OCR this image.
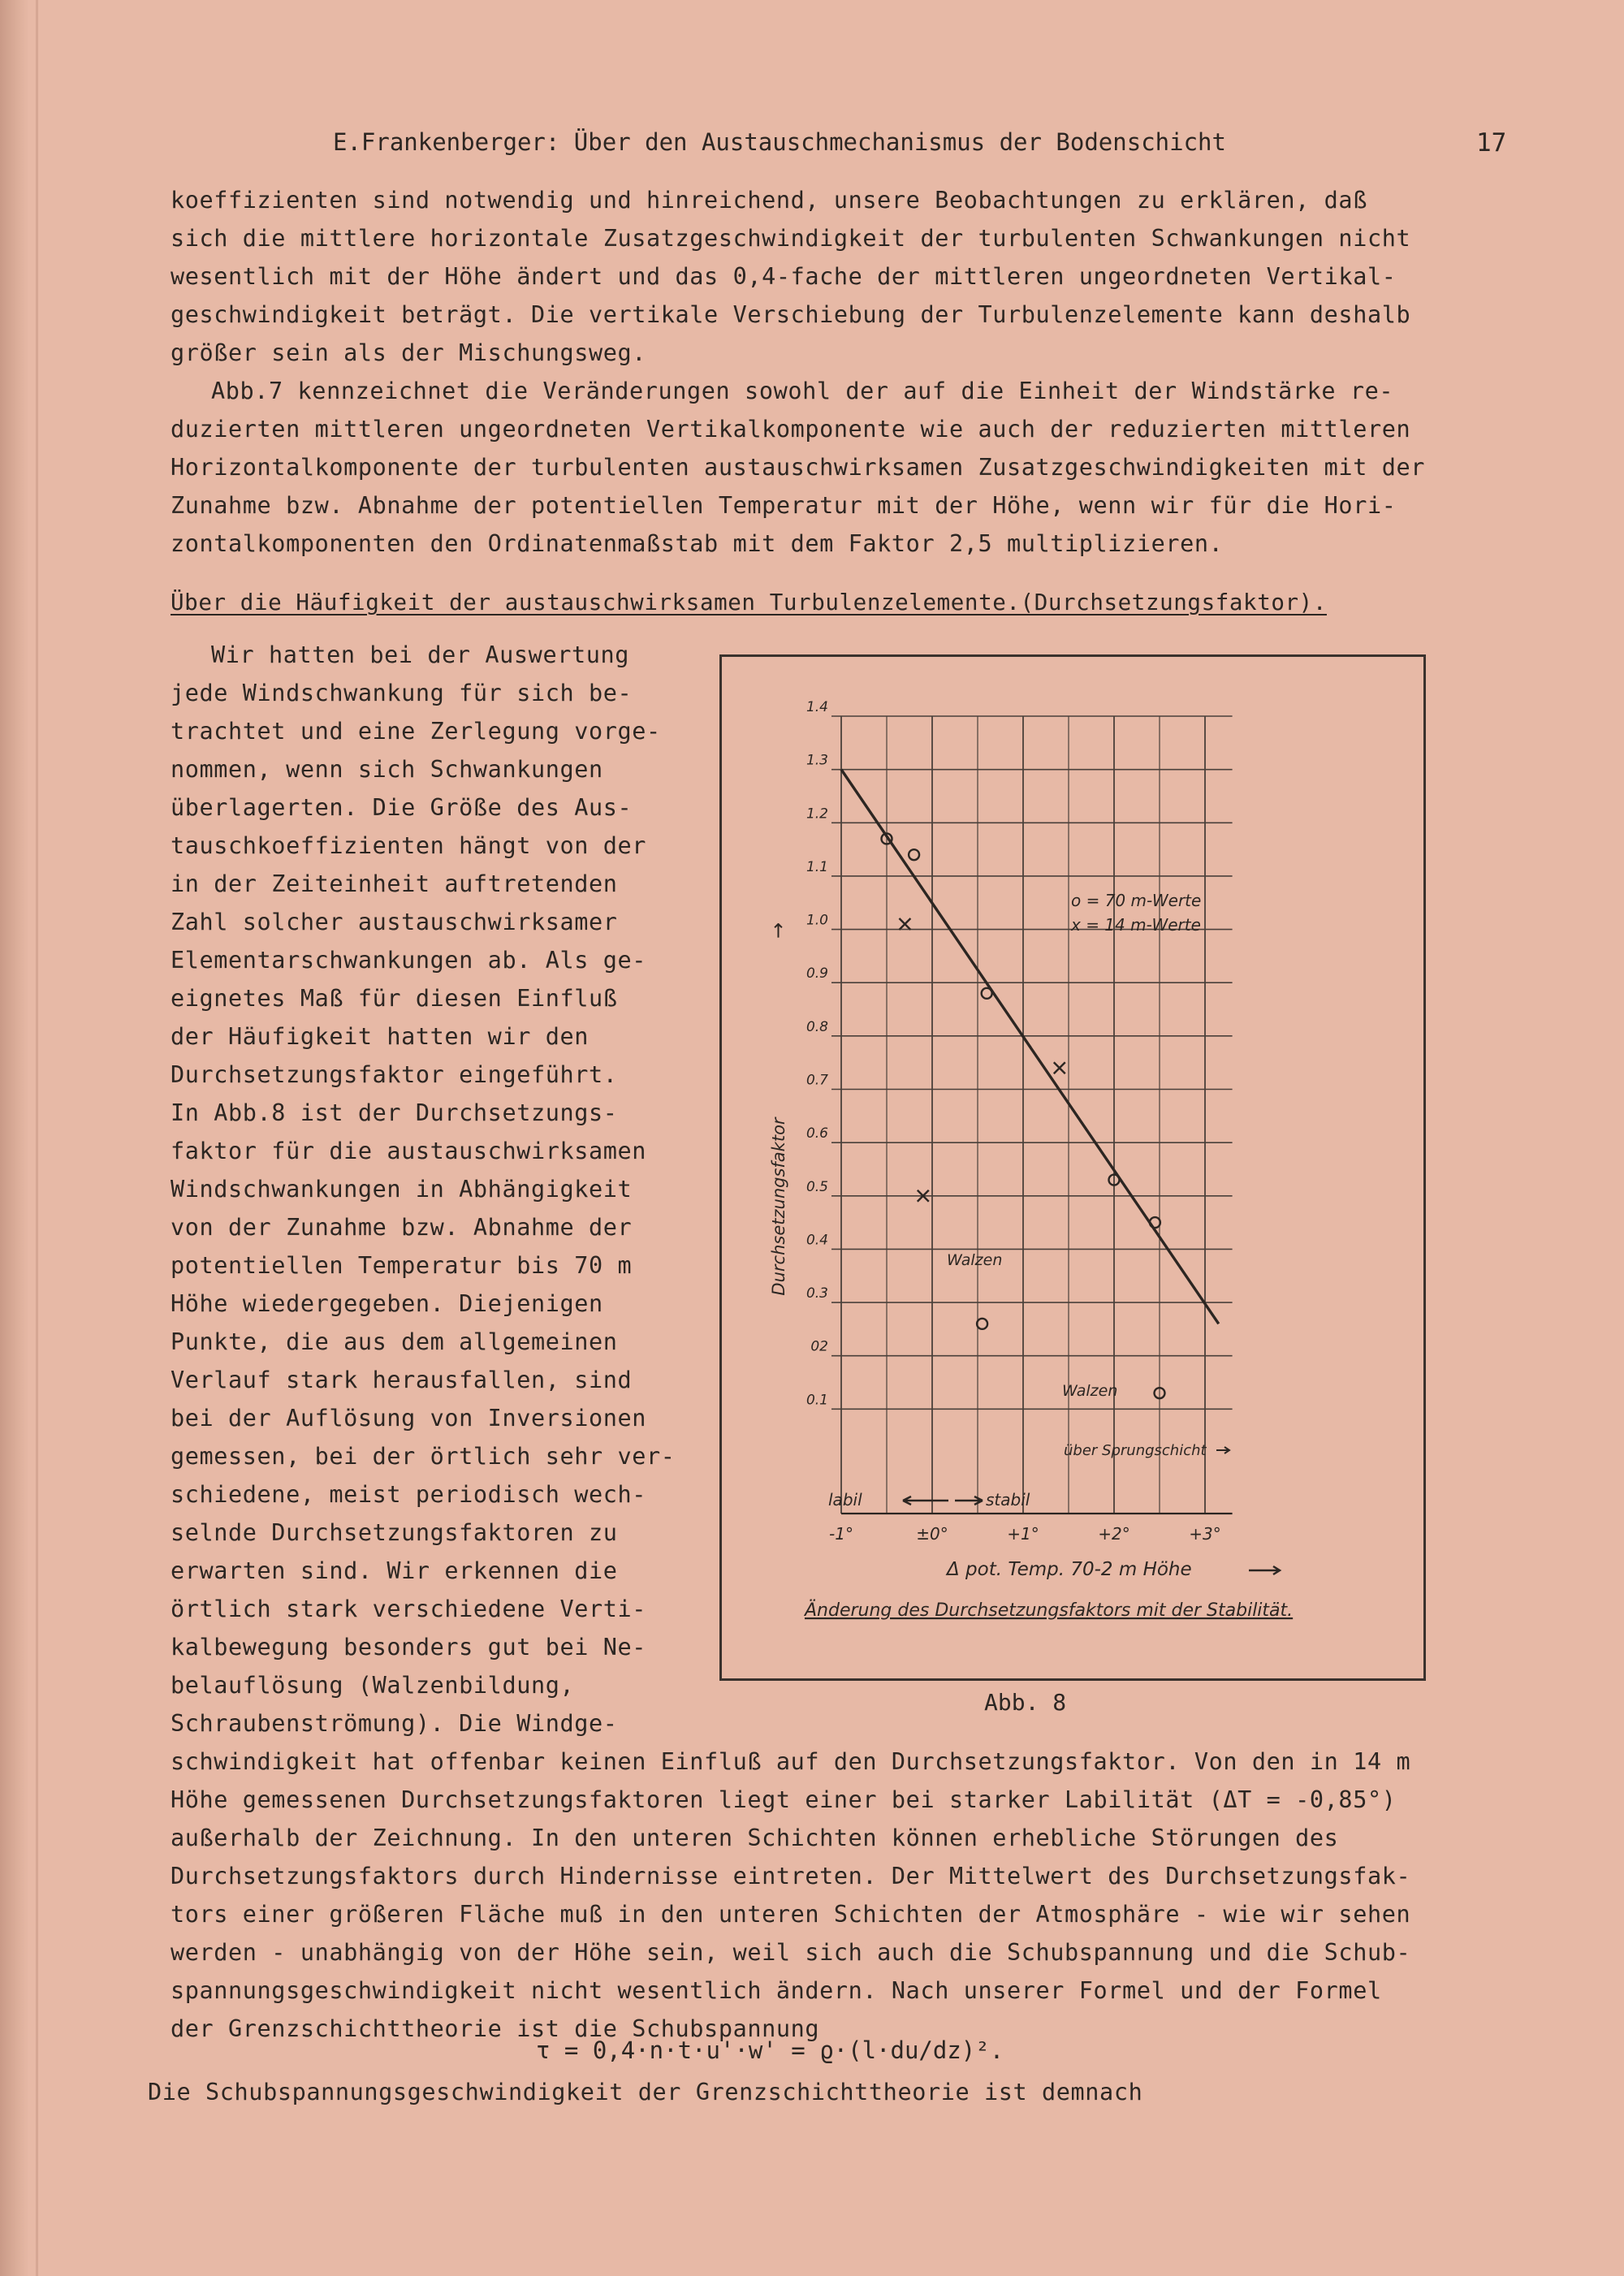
E.Frankenberger: Über den Austauschmechanismus der Bodenschicht	17
koeffizienten sind notwendig und hinreichend, unsere Beobachtungen zu erklären, daß
sich die mittlere horizontale Zusatzgeschwindigkeit der turbulenten Schwankungen nicht
wesentlich mit der Höhe ändert und das 0,4-fache der mittleren ungeordneten Vertikal-
geschwindigkeit beträgt. Die vertikale Verschiebung der Turbulenzelemente kann deshalb
größer sein als der Mischungsweg.
Abb.7 kennzeichnet die Veränderungen sowohl der auf die Einheit der Windstärke re-
duzierten mittleren ungeordneten Vertikalkomponente wie auch der reduzierten mittleren
Horizontalkomponente der turbulenten austauschwirksamen Zusatzgeschwindigkeiten mit der
Zunahme bzw. Abnahme der potentiellen Temperatur mit der Höhe, wenn wir für die Hori-
zontalkomponenten den Ordinatenmaßstab mit dem Faktor 2,5 multiplizieren.
Über die Häufigkeit der austauschwirksamen Turbulenzelemente.(Durchsetzungsfaktor).
Wir hatten bei der Auswertung
jede Windschwankung für sich be-
trachtet und eine Zerlegung vorge-
nommen, wenn sich Schwankungen
überlagerten. Die Größe des Aus-
tauschkoeffizienten hängt von der
in der Zeiteinheit auftretenden
Zahl solcher austauschwirksamer
Elementarschwankungen ab. Als ge-
eignetes Maß für diesen Einfluß
der Häufigkeit hatten wir den
Durchsetzungsfaktor eingeführt.
In Abb.8 ist der Durchsetzungs-
faktor für die austauschwirksamen
Windschwankungen in Abhängigkeit
von der Zunahme bzw. Abnahme der
potentiellen Temperatur bis 70 m
Höhe wiedergegeben. Diejenigen
Punkte, die aus dem allgemeinen
Verlauf stark herausfallen, sind
bei der Auflösung von Inversionen
gemessen, bei der örtlich sehr ver-
schiedene, meist periodisch wech-
selnde Durchsetzungsfaktoren zu
erwarten sind. Wir erkennen die
örtlich stark verschiedene Verti-
kalbewegung besonders gut bei Ne-
belauflösung (Walzenbildung,
Schraubenströmung). Die Windge-
0.1
02
0.3
0.4
0.5
0.6
0.7
0.8
0.9
1.0
1.1
1.2
1.3
1.4
-1°	±0°	+1°	+2°	+3°
Durchsetzungsfaktor
→
o = 70 m-Werte
x = 14 m-Werte
Walzen
Walzen
über Sprungschicht
labil	stabil
Δ pot. Temp. 70-2 m Höhe
Änderung des Durchsetzungsfaktors mit der Stabilität.
Abb. 8
schwindigkeit hat offenbar keinen Einfluß auf den Durchsetzungsfaktor. Von den in 14 m
Höhe gemessenen Durchsetzungsfaktoren liegt einer bei starker Labilität (ΔT = -0,85°)
außerhalb der Zeichnung. In den unteren Schichten können erhebliche Störungen des
Durchsetzungsfaktors durch Hindernisse eintreten. Der Mittelwert des Durchsetzungsfak-
tors einer größeren Fläche muß in den unteren Schichten der Atmosphäre - wie wir sehen
werden - unabhängig von der Höhe sein, weil sich auch die Schubspannung und die Schub-
spannungsgeschwindigkeit nicht wesentlich ändern. Nach unserer Formel und der Formel
der Grenzschichttheorie ist die Schubspannung
τ = 0,4·n·t·u'·w' = ϱ·(l·du/dz)².
Die Schubspannungsgeschwindigkeit der Grenzschichttheorie ist demnach
